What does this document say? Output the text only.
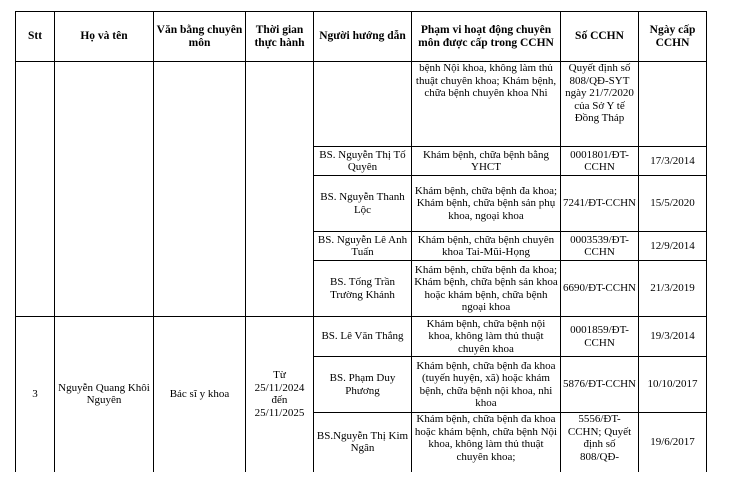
Stt	Họ và tên	Văn bằng chuyên môn	Thời gian thực hành	Người hướng dẫn	Phạm vi hoạt động chuyên môn được cấp trong CCHN	Số CCHN	Ngày cấp CCHN
					bệnh Nội khoa, không làm thủ thuật chuyên khoa; Khám bệnh, chữa bệnh chuyên khoa Nhi	Quyết định số 808/QĐ-SYT ngày 21/7/2020 của Sở Y tế Đồng Tháp	
				BS. Nguyễn Thị Tố Quyên	Khám bệnh, chữa bệnh bằng YHCT	0001801/ĐT-CCHN	17/3/2014
				BS. Nguyễn Thanh Lộc	Khám bệnh, chữa bệnh đa khoa; Khám bệnh, chữa bệnh sản phụ khoa, ngoại khoa	7241/ĐT-CCHN	15/5/2020
				BS. Nguyễn Lê Anh Tuấn	Khám bệnh, chữa bệnh chuyên khoa Tai-Mũi-Họng	0003539/ĐT-CCHN	12/9/2014
				BS. Tống Trần Trường Khánh	Khám bệnh, chữa bệnh đa khoa; Khám bệnh, chữa bệnh sản khoa hoặc khám bệnh, chữa bệnh ngoại khoa	6690/ĐT-CCHN	21/3/2019
3	Nguyễn Quang Khôi Nguyên	Bác sĩ y khoa	Từ 25/11/2024 đến 25/11/2025	BS. Lê Văn Thắng	Khám bệnh, chữa bệnh nội khoa, không làm thủ thuật chuyên khoa	0001859/ĐT-CCHN	19/3/2014
				BS. Phạm Duy Phương	Khám bệnh, chữa bệnh đa khoa (tuyến huyện, xã) hoặc khám bệnh, chữa bệnh nội khoa, nhi khoa	5876/ĐT-CCHN	10/10/2017
				BS.Nguyễn Thị Kim Ngân	Khám bệnh, chữa bệnh đa khoa hoặc khám bệnh, chữa bệnh Nội khoa, không làm thủ thuật chuyên khoa;	5556/ĐT-CCHN; Quyết định số 808/QĐ-	19/6/2017
